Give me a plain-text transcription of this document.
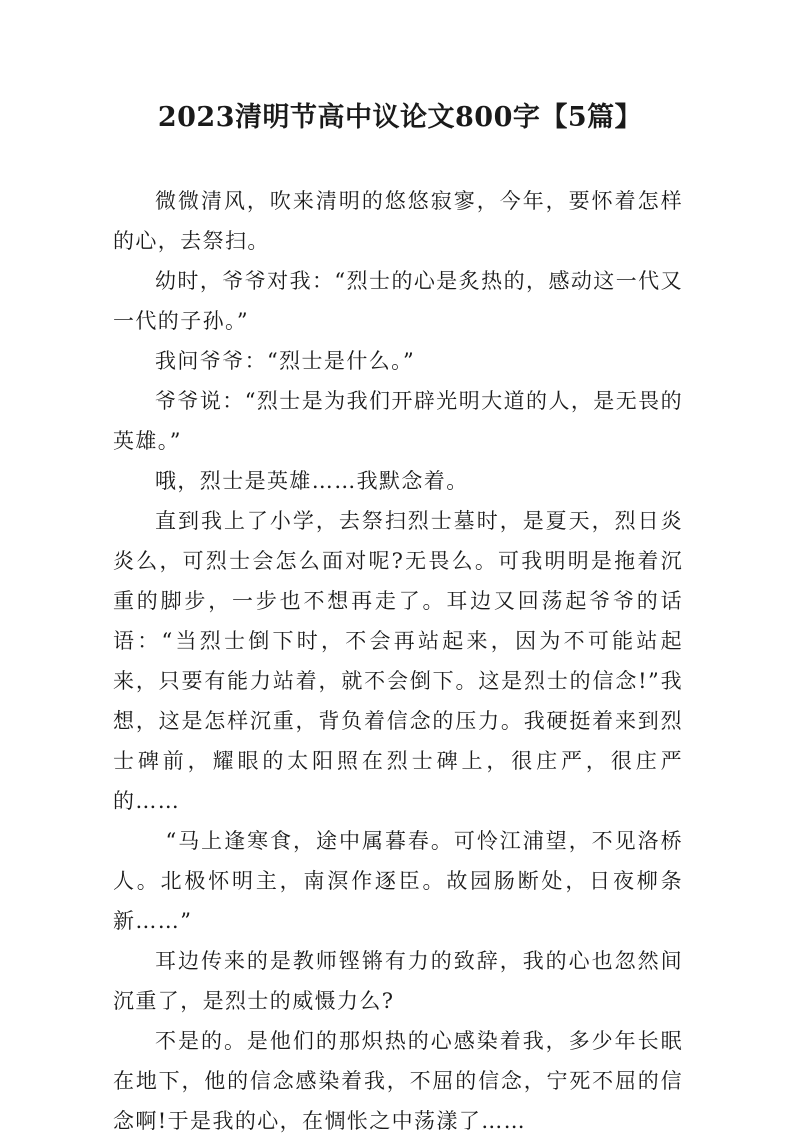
2023清明节高中议论文800字【5篇】

微微清风，吹来清明的悠悠寂寥，今年，要怀着怎样的心，去祭扫。

幼时，爷爷对我：“烈士的心是炙热的，感动这一代又一代的子孙。”

我问爷爷：“烈士是什么。”

爷爷说：“烈士是为我们开辟光明大道的人，是无畏的英雄。”

哦，烈士是英雄……我默念着。

直到我上了小学，去祭扫烈士墓时，是夏天，烈日炎炎么，可烈士会怎么面对呢?无畏么。可我明明是拖着沉重的脚步，一步也不想再走了。耳边又回荡起爷爷的话语：“当烈士倒下时，不会再站起来，因为不可能站起来，只要有能力站着，就不会倒下。这是烈士的信念!”我想，这是怎样沉重，背负着信念的压力。我硬挺着来到烈士碑前，耀眼的太阳照在烈士碑上，很庄严，很庄严的……

“马上逢寒食，途中属暮春。可怜江浦望，不见洛桥人。北极怀明主，南溟作逐臣。故园肠断处，日夜柳条新……”

耳边传来的是教师铿锵有力的致辞，我的心也忽然间沉重了，是烈士的威慑力么?

不是的。是他们的那炽热的心感染着我，多少年长眠在地下，他的信念感染着我，不屈的信念，宁死不屈的信念啊!于是我的心，在惆怅之中荡漾了……
